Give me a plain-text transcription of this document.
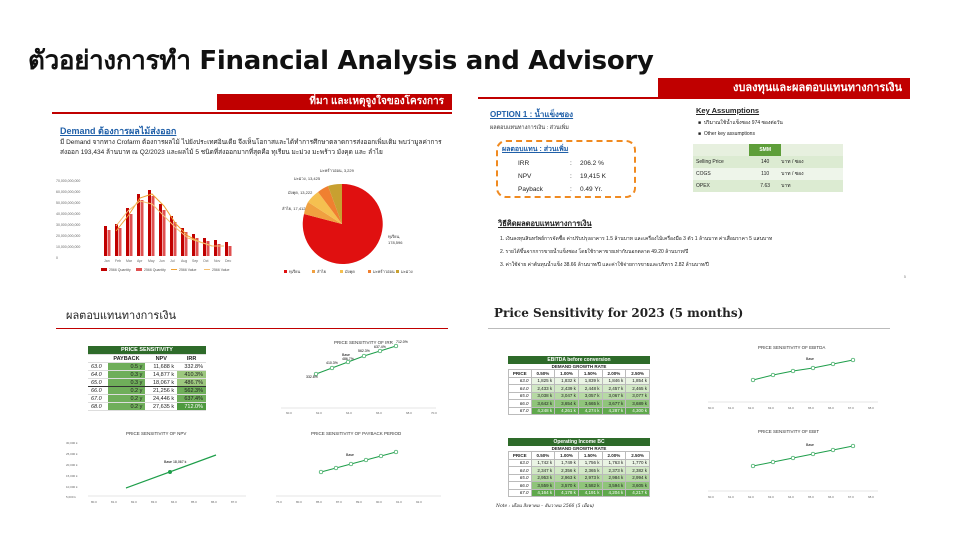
ตัวอย่างการทำ Financial Analysis and Advisory
ที่มา และเหตุจูงใจของโครงการ
Demand ต้องการผลไม้ส่งออก
มี Demand จากทาง Crofarm ต้องการผลไม้ ไปยังประเทศอินเดีย จึงเห็นโอกาสและได้ทำการศึกษาตลาดการส่งออกเพิ่มเติม พบว่ามูลค่าการส่งออก 193,434 ล้านบาท ณ Q2/2023 และผลไม้ 5 ชนิดที่ส่งออกมากที่สุดคือ ทุเรียน มะม่วง มะพร้าว มังคุด และ ลำไย
70,000,000,000
60,000,000,000
50,000,000,000
40,000,000,000
30,000,000,000
20,000,000,000
10,000,000,000
0
Jan Feb Mar Apr May Jun Jul Aug Sep Oct Nov Dec
2566 Quantity	2566 Quantity	2566 Value	2566 Value
มะพร้าวอ่อน, 3,229
มะม่วง, 13,425
มังคุด, 13,222
ลำไย, 17,412
ทุเรียน,
178,596
ทุเรียน	ลำไย	มังคุด	มะพร้าวอ่อน มะม่วง
งบลงทุนและผลตอบแทนทางการเงิน
OPTION 1 : น้ำแข็งซอง
ผลตอบแทนทางการเงิน : ส่วนเพิ่ม
ผลตอบแทน : ส่วนเพิ่ม
IRR	: 206.2 %
NPV	: 19,415 K
Payback	: 0.49 Yr.
Key Assumptions
■  ปริมาณใช้น้ำแข็งซอง 974 ซองต่อวัน
■  Other key assumptions
	SMM	
Selling Price	140	บาท / ซอง
COGS	110	บาท / ซอง
OPEX	7.63	บาท
วิธีคิดผลตอบแทนทางการเงิน
1. เงินลงทุนสินทรัพย์การจัดซื้อ ค่าปรับปรุงอาคาร 1.5 ล้านบาท และเครื่องไม้เครื่องมือ 3 ตัว 1 ล้านบาท ค่าเสื่อมราคา 5 แสนบาท
2. รายได้ขึ้นจากการขายน้ำแข็งซอง โดยใช้ราคาขายเท่ากับนอกตลาด 49.20 ล้านบาท/ปี
3. ค่าใช้จ่าย ค่าต้นทุนน้ำแข็ง 38.66 ล้านบาท/ปี และค่าใช้จ่ายการขายและบริหาร 2.82 ล้านบาท/ปี
5
ผลตอบแทนทางการเงิน
PRICE SENSITIVITY			
	PAYBACK	NPV	IRR
63.0	0.5 y	11,688 k	332.8%
64.0	0.3 y	14,877 k	410.3%
65.0	0.3 y	18,067 k	486.7%
66.0	0.2 y	21,256 k	562.3%
67.0	0.2 y	24,446 k	637.4%
68.0	0.2 y	27,635 k	712.0%
PRICE SENSITIVITY OF IRR
332.8%
410.3%
Base
486.7%
562.3%
637.4%
712.0%
60.0	62.0	64.0	66.0	68.0	70.0
PRICE SENSITIVITY OF NPV
30,000 k
25,000 k
20,000 k
15,000 k
10,000 k
5,000 k
Base 18,067 k
80.0	81.0	82.0	83.0	84.0	85.0	86.0	87.0
PRICE SENSITIVITY OF PAYBACK PERIOD
Base
75.0	80.0	85.0	87.0	89.0	90.0	91.0	92.0
Price Sensitivity for 2023 (5 months)
EBITDA before conversion
DEMAND GROWTH RATE
PRICE	0.50%	1.00%	1.50%	2.00%	2.50%
63.0	1,825 k	1,832 k	1,839 k	1,846 k	1,854 k
64.0	2,433 k	2,439 k	2,448 k	2,457 k	2,465 k
65.0	3,038 k	3,047 k	3,057 k	3,067 k	3,077 k
66.0	3,642 k	3,654 k	3,665 k	3,677 k	3,689 k
67.0	4,248 k	4,261 k	4,274 k	4,287 k	4,300 k
Operating Income BC
DEMAND GROWTH RATE
PRICE	0.50%	1.00%	1.50%	2.00%	2.50%
63.0	1,742 k	1,749 k	1,756 k	1,763 k	1,770 k
64.0	2,347 k	2,356 k	2,365 k	2,373 k	2,382 k
65.0	2,953 k	2,963 k	2,973 k	2,984 k	2,994 k
66.0	3,559 k	3,570 k	3,582 k	3,594 k	3,605 k
67.0	4,164 k	4,178 k	4,191 k	4,204 k	4,217 k
Note : เดือน สิงหาคม – ธันวาคม 2566 (5 เดือน)
PRICE SENSITIVITY OF EBITDA
Base
60.0	61.0	62.0	63.0	64.0	65.0	66.0	67.0	68.0
PRICE SENSITIVITY OF EBIT
Base
60.0	61.0	62.0	63.0	64.0	65.0	66.0	67.0	68.0
